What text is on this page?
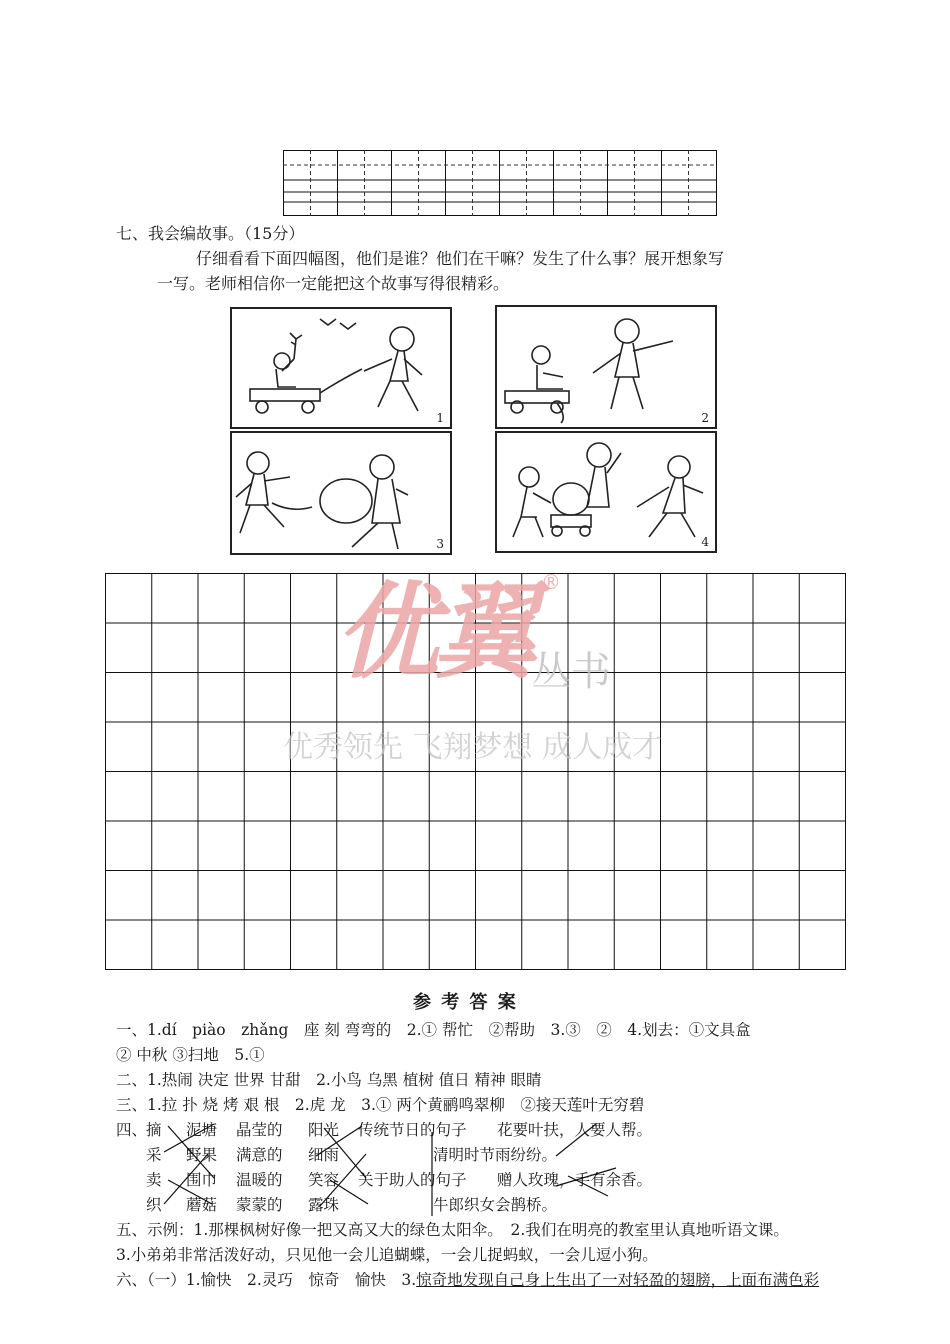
七、我会编故事。（15分）
仔细看看下面四幅图，他们是谁？他们在干嘛？发生了什么事？展开想象写
一写。老师相信你一定能把这个故事写得很精彩。
1	2
3	4
优翼 ®
丛书
优秀领先 飞翔梦想 成人成才
参 考 答 案
一、1.dí　piào　zhǎng　座 刻 弯弯的　2.① 帮忙　②帮助　3.③　②　4.划去：①文具盒
② 中秋 ③扫地　5.①
二、1.热闹 决定 世界 甘甜　2.小鸟 乌黑 植树 值日 精神 眼睛
三、1.拉 扑 烧 烤 艰 根　2.虎 龙　3.① 两个黄鹂鸣翠柳　②接天莲叶无穷碧
四、
摘
采
卖
织
泥塘
野果
围巾
蘑菇
晶莹的
满意的
温暖的
蒙蒙的
阳光
细雨
笑容
露珠
传统节日的句子
关于助人的句子
花要叶扶，人要人帮。
清明时节雨纷纷。
赠人玫瑰，手有余香。
牛郎织女会鹊桥。
五、示例：1.那棵枫树好像一把又高又大的绿色太阳伞。　2.我们在明亮的教室里认真地听语文课。
3.小弟弟非常活泼好动，只见他一会儿追蝴蝶，一会儿捉蚂蚁，一会儿逗小狗。
六、（一）1.愉快　2.灵巧　惊奇　愉快　3.惊奇地发现自己身上生出了一对轻盈的翅膀，上面布满色彩
